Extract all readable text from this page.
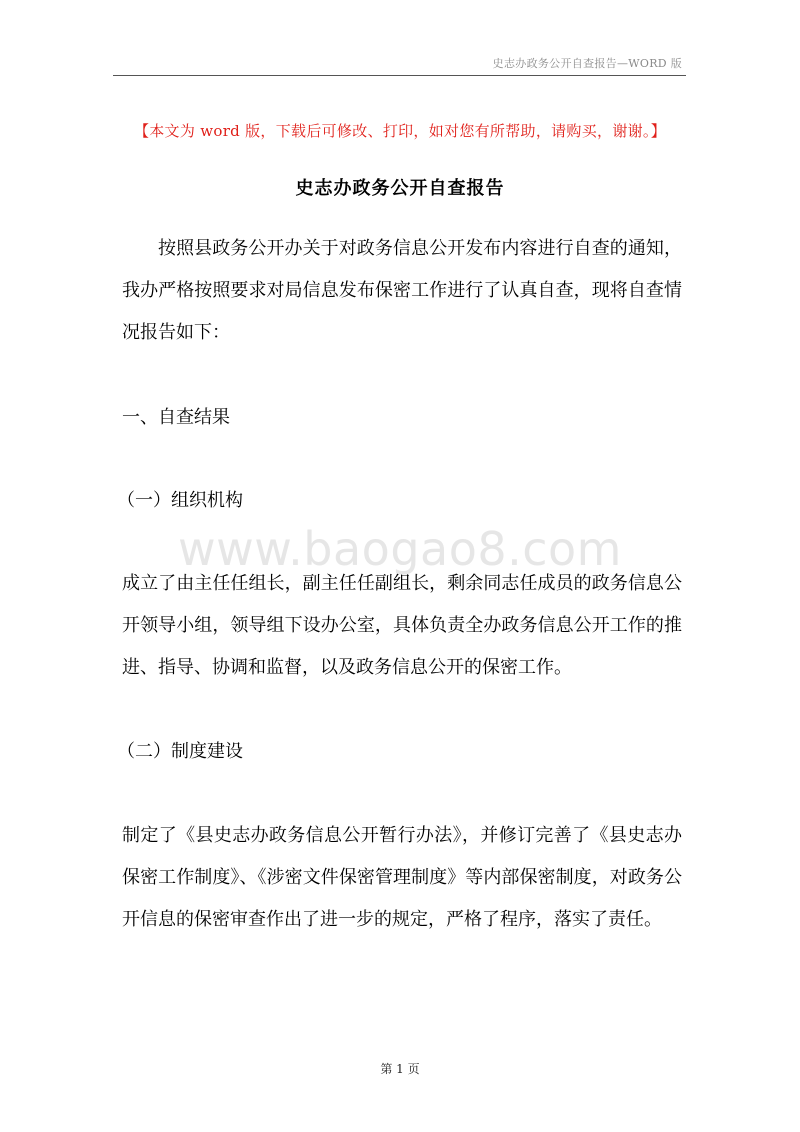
史志办政务公开自查报告—WORD 版
【本文为 word 版，下载后可修改、打印，如对您有所帮助，请购买，谢谢。】
史志办政务公开自查报告
按照县政务公开办关于对政务信息公开发布内容进行自查的通知，我办严格按照要求对局信息发布保密工作进行了认真自查，现将自查情况报告如下：
一、自查结果
（一）组织机构
www.baogao8.com
成立了由主任任组长，副主任任副组长，剩余同志任成员的政务信息公开领导小组，领导组下设办公室，具体负责全办政务信息公开工作的推进、指导、协调和监督，以及政务信息公开的保密工作。
（二）制度建设
制定了《县史志办政务信息公开暂行办法》，并修订完善了《县史志办保密工作制度》、《涉密文件保密管理制度》等内部保密制度，对政务公开信息的保密审查作出了进一步的规定，严格了程序，落实了责任。
第 1 页
